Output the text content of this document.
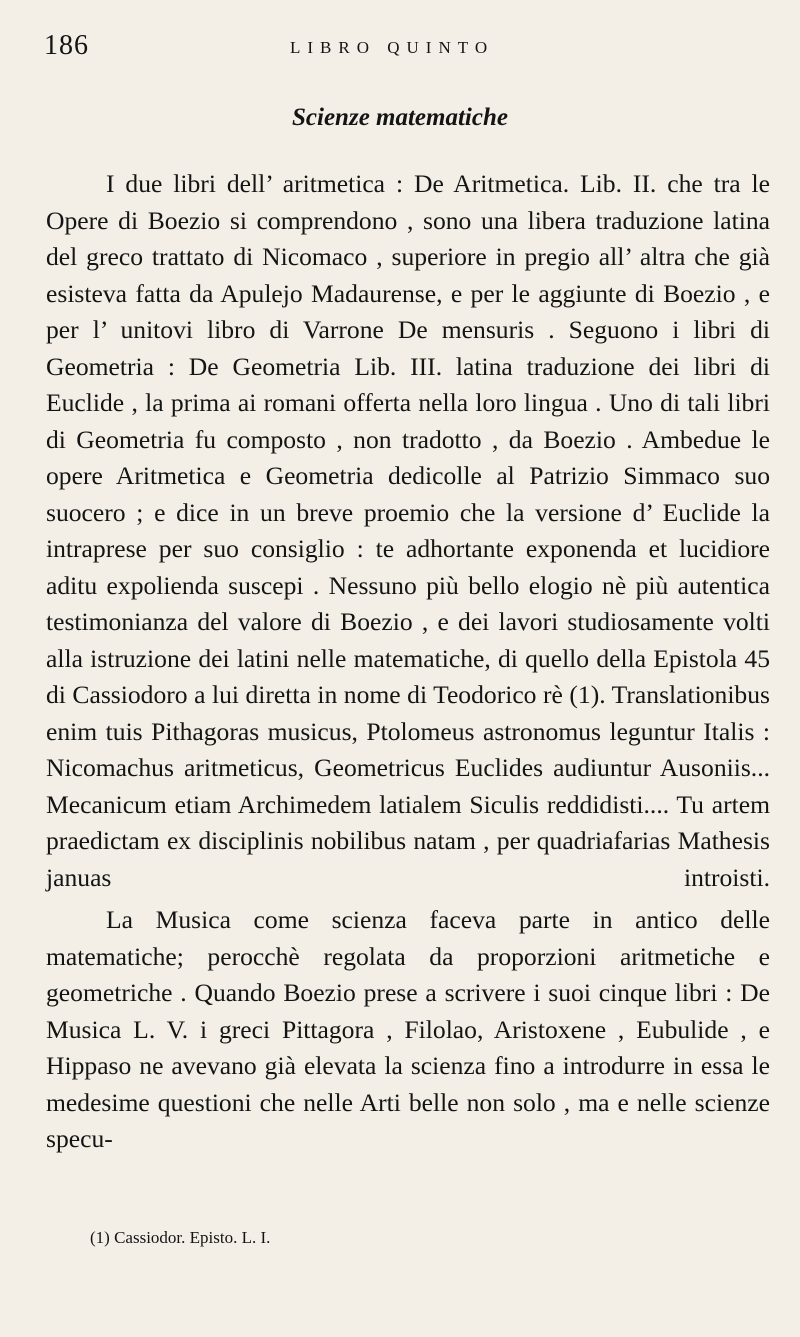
186	LIBRO QUINTO
Scienze matematiche

I due libri dell’ aritmetica : De Aritmetica. Lib. II. che tra le Opere di Boezio si comprendono , sono una libera traduzione latina del greco trattato di Nicomaco , superiore in pregio all’ altra che già esisteva fatta da Apulejo Madaurense, e per le aggiunte di Boezio , e per l’ unitovi libro di Varrone De mensuris . Seguono i libri di Geometria : De Geometria Lib. III. latina traduzione dei libri di Euclide , la prima ai romani offerta nella loro lingua . Uno di tali libri di Geometria fu composto , non tradotto , da Boezio . Ambedue le opere Aritmetica e Geometria dedicolle al Patrizio Simmaco suo suocero ; e dice in un breve proemio che la versione d’ Euclide la intraprese per suo consiglio : te adhortante exponenda et lucidiore aditu expolienda suscepi . Nessuno più bello elogio nè più autentica testimonianza del valore di Boezio , e dei lavori studiosamente volti alla istruzione dei latini nelle matematiche, di quello della Epistola 45 di Cassiodoro a lui diretta in nome di Teodorico rè (1). Translationibus enim tuis Pithagoras musicus, Ptolomeus astronomus leguntur Italis : Nicomachus aritmeticus, Geometricus Euclides audiuntur Ausoniis... Mecanicum etiam Archimedem latialem Siculis reddidisti.... Tu artem praedictam ex disciplinis nobilibus natam , per quadriafarias Mathesis januas introisti.

La Musica come scienza faceva parte in antico delle matematiche; perocchè regolata da proporzioni aritmetiche e geometriche . Quando Boezio prese a scrivere i suoi cinque libri : De Musica L. V. i greci Pittagora , Filolao, Aristoxene , Eubulide , e Hippaso ne avevano già elevata la scienza fino a introdurre in essa le medesime questioni che nelle Arti belle non solo , ma e nelle scienze specu-

(1) Cassiodor. Episto. L. I.
